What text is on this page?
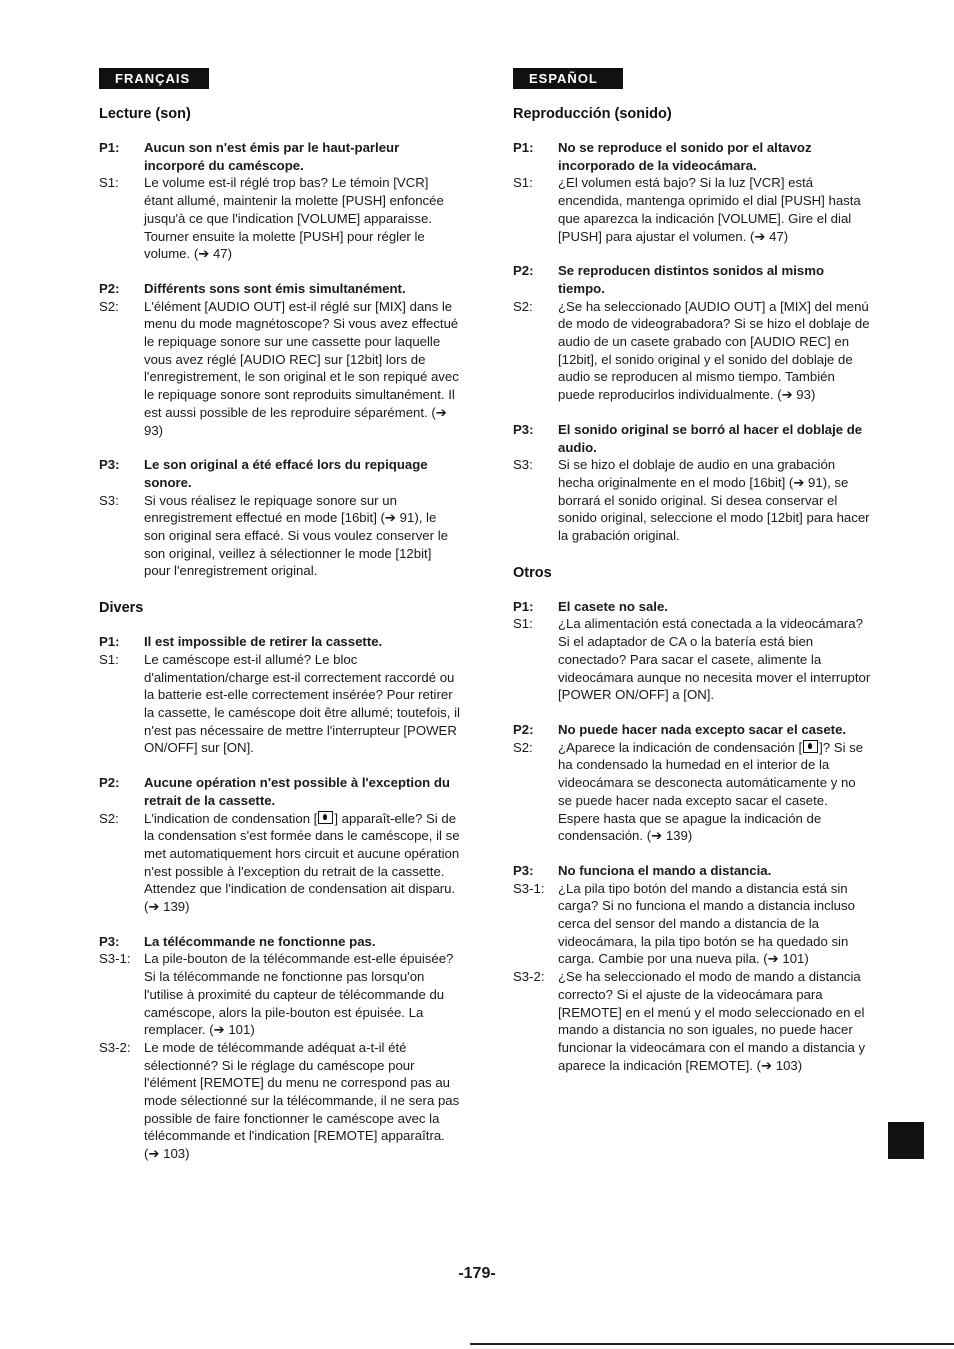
FRANÇAIS
Lecture (son)
P1:	Aucun son n'est émis par le haut-parleur incorporé du caméscope.
S1:	Le volume est-il réglé trop bas? Le témoin [VCR] étant allumé, maintenir la molette [PUSH] enfoncée jusqu'à ce que l'indication [VOLUME] apparaisse. Tourner ensuite la molette [PUSH] pour régler le volume. (➔ 47)
P2:	Différents sons sont émis simultanément.
S2:	L'élément [AUDIO OUT] est-il réglé sur [MIX] dans le menu du mode magnétoscope? Si vous avez effectué le repiquage sonore sur une cassette pour laquelle vous avez réglé [AUDIO REC] sur [12bit] lors de l'enregistrement, le son original et le son repiqué avec le repiquage sonore sont reproduits simultanément. Il est aussi possible de les reproduire séparément. (➔ 93)
P3:	Le son original a été effacé lors du repiquage sonore.
S3:	Si vous réalisez le repiquage sonore sur un enregistrement effectué en mode [16bit] (➔ 91), le son original sera effacé. Si vous voulez conserver le son original, veillez à sélectionner le mode [12bit] pour l'enregistrement original.
Divers
P1:	Il est impossible de retirer la cassette.
S1:	Le caméscope est-il allumé? Le bloc d'alimentation/charge est-il correctement raccordé ou la batterie est-elle correctement insérée? Pour retirer la cassette, le caméscope doit être allumé; toutefois, il n'est pas nécessaire de mettre l'interrupteur [POWER ON/OFF] sur [ON].
P2:	Aucune opération n'est possible à l'exception du retrait de la cassette.
S2:	L'indication de condensation [ ] apparaît-elle? Si de la condensation s'est formée dans le caméscope, il se met automatiquement hors circuit et aucune opération n'est possible à l'exception du retrait de la cassette. Attendez que l'indication de condensation ait disparu. (➔ 139)
P3:	La télécommande ne fonctionne pas.
S3-1:	La pile-bouton de la télécommande est-elle épuisée? Si la télécommande ne fonctionne pas lorsqu'on l'utilise à proximité du capteur de télécommande du caméscope, alors la pile-bouton est épuisée. La remplacer. (➔ 101)
S3-2:	Le mode de télécommande adéquat a-t-il été sélectionné? Si le réglage du caméscope pour l'élément [REMOTE] du menu ne correspond pas au mode sélectionné sur la télécommande, il ne sera pas possible de faire fonctionner le caméscope avec la télécommande et l'indication [REMOTE] apparaîtra. (➔ 103)
ESPAÑOL
Reproducción (sonido)
P1:	No se reproduce el sonido por el altavoz incorporado de la videocámara.
S1:	¿El volumen está bajo? Si la luz [VCR] está encendida, mantenga oprimido el dial [PUSH] hasta que aparezca la indicación [VOLUME]. Gire el dial [PUSH] para ajustar el volumen. (➔ 47)
P2:	Se reproducen distintos sonidos al mismo tiempo.
S2:	¿Se ha seleccionado [AUDIO OUT] a [MIX] del menú de modo de videograbadora? Si se hizo el doblaje de audio de un casete grabado con [AUDIO REC] en [12bit], el sonido original y el sonido del doblaje de audio se reproducen al mismo tiempo. También puede reproducirlos individualmente. (➔ 93)
P3:	El sonido original se borró al hacer el doblaje de audio.
S3:	Si se hizo el doblaje de audio en una grabación hecha originalmente en el modo [16bit] (➔ 91), se borrará el sonido original. Si desea conservar el sonido original, seleccione el modo [12bit] para hacer la grabación original.
Otros
P1:	El casete no sale.
S1:	¿La alimentación está conectada a la videocámara? Si el adaptador de CA o la batería está bien conectado? Para sacar el casete, alimente la videocámara aunque no necesita mover el interruptor [POWER ON/OFF] a [ON].
P2:	No puede hacer nada excepto sacar el casete.
S2:	¿Aparece la indicación de condensación [ ]? Si se ha condensado la humedad en el interior de la videocámara se desconecta automáticamente y no se puede hacer nada excepto sacar el casete. Espere hasta que se apague la indicación de condensación. (➔ 139)
P3:	No funciona el mando a distancia.
S3-1:	¿La pila tipo botón del mando a distancia está sin carga? Si no funciona el mando a distancia incluso cerca del sensor del mando a distancia de la videocámara, la pila tipo botón se ha quedado sin carga. Cambie por una nueva pila. (➔ 101)
S3-2:	¿Se ha seleccionado el modo de mando a distancia correcto? Si el ajuste de la videocámara para [REMOTE] en el menú y el modo seleccionado en el mando a distancia no son iguales, no puede hacer funcionar la videocámara con el mando a distancia y aparece la indicación [REMOTE]. (➔ 103)
-179-
